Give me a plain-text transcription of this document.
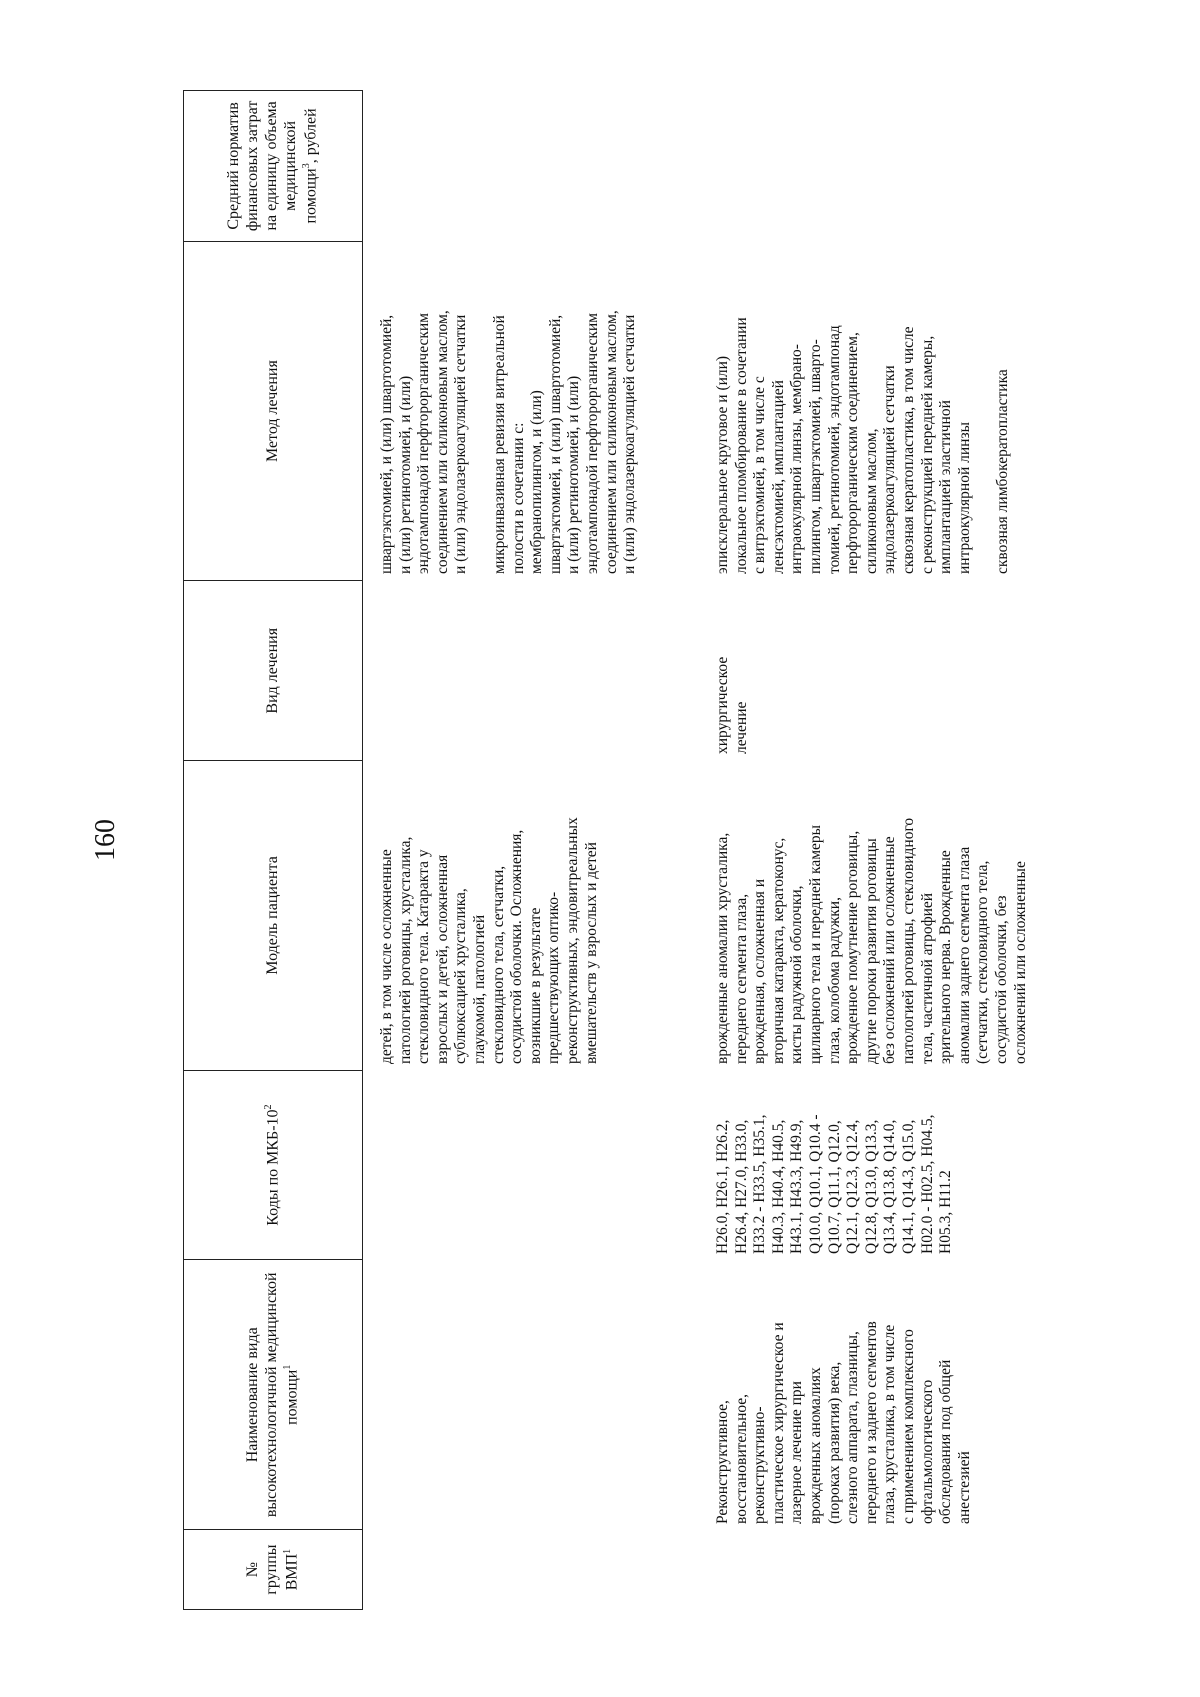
160
№ группы ВМП$^1$
Наименование вида высокотехнологичной медицинской помощи$^1$
Коды по МКБ-$10^2$
Модель пациента
Вид лечения
Метод лечения
Средний норматив финансовых затрат на единицу объема медицинской помощи$^3$, рублей
детей, в том числе осложненные патологией роговицы, хрусталика, стекловидного тела. Катаракта у взрослых и детей, осложненная сублюксацией хрусталика, глаукомой, патологией стекловидного тела, сетчатки, сосудистой оболочки. Осложнения, возникшие в результате предшествующих оптико- реконструктивных, эндовитреальных вмешательств у взрослых и детей
швартэктомией, и (или) швартотомией, и (или) ретинотомией, и (или) эндотампонадой перфторорганическим соединением или силиконовым маслом, и (или) эндолазеркоагуляцией сетчатки микроинвазивная ревизия витреальной полости в сочетании с: мембранопилингом, и (или) швартэктомией, и (или) швартотомией, и (или) ретинотомией, и (или) эндотампонадой перфторорганическим соединением или силиконовым маслом, и (или) эндолазеркоагуляцией сетчатки
Реконструктивное, восстановительное, реконструктивно- пластическое хирургическое и лазерное лечение при врожденных аномалиях (пороках развития) века, слезного аппарата, глазницы, переднего и заднего сегментов глаза, хрусталика, в том числе с применением комплексного офтальмологического обследования под общей анестезией
H26.0, H26.1, H26.2, H26.4, H27.0, H33.0, H33.2 - H33.5, H35.1, H40.3, H40.4, H40.5, H43.1, H43.3, H49.9, Q10.0, Q10.1, Q10.4 - Q10.7, Q11.1, Q12.0, Q12.1, Q12.3, Q12.4, Q12.8, Q13.0, Q13.3, Q13.4, Q13.8, Q14.0, Q14.1, Q14.3, Q15.0, H02.0 - H02.5, H04.5, H05.3, H11.2
врожденные аномалии хрусталика, переднего сегмента глаза, врожденная, осложненная и вторичная катаракта, кератоконус, кисты радужной оболочки, цилиарного тела и передней камеры глаза, колобома радужки, врожденное помутнение роговицы, другие пороки развития роговицы без осложнений или осложненные патологией роговицы, стекловидного тела, частичной атрофией зрительного нерва. Врожденные аномалии заднего сегмента глаза (сетчатки, стекловидного тела, сосудистой оболочки, без осложнений или осложненные
хирургическое лечение
эписклеральное круговое и (или) локальное пломбирование в сочетании с витрэктомией, в том числе с ленсэктомией, имплантацией интраокулярной линзы, мембрано- пилингом, швартэктомией, швартo- томией, ретинотомией, эндотампонад перфторорганическим соединением, силиконовым маслом, эндолазеркоагуляцией сетчатки сквозная кератопластика, в том числе с реконструкцией передней камеры, имплантацией эластичной интраокулярной линзы сквозная лимбокератопластика
